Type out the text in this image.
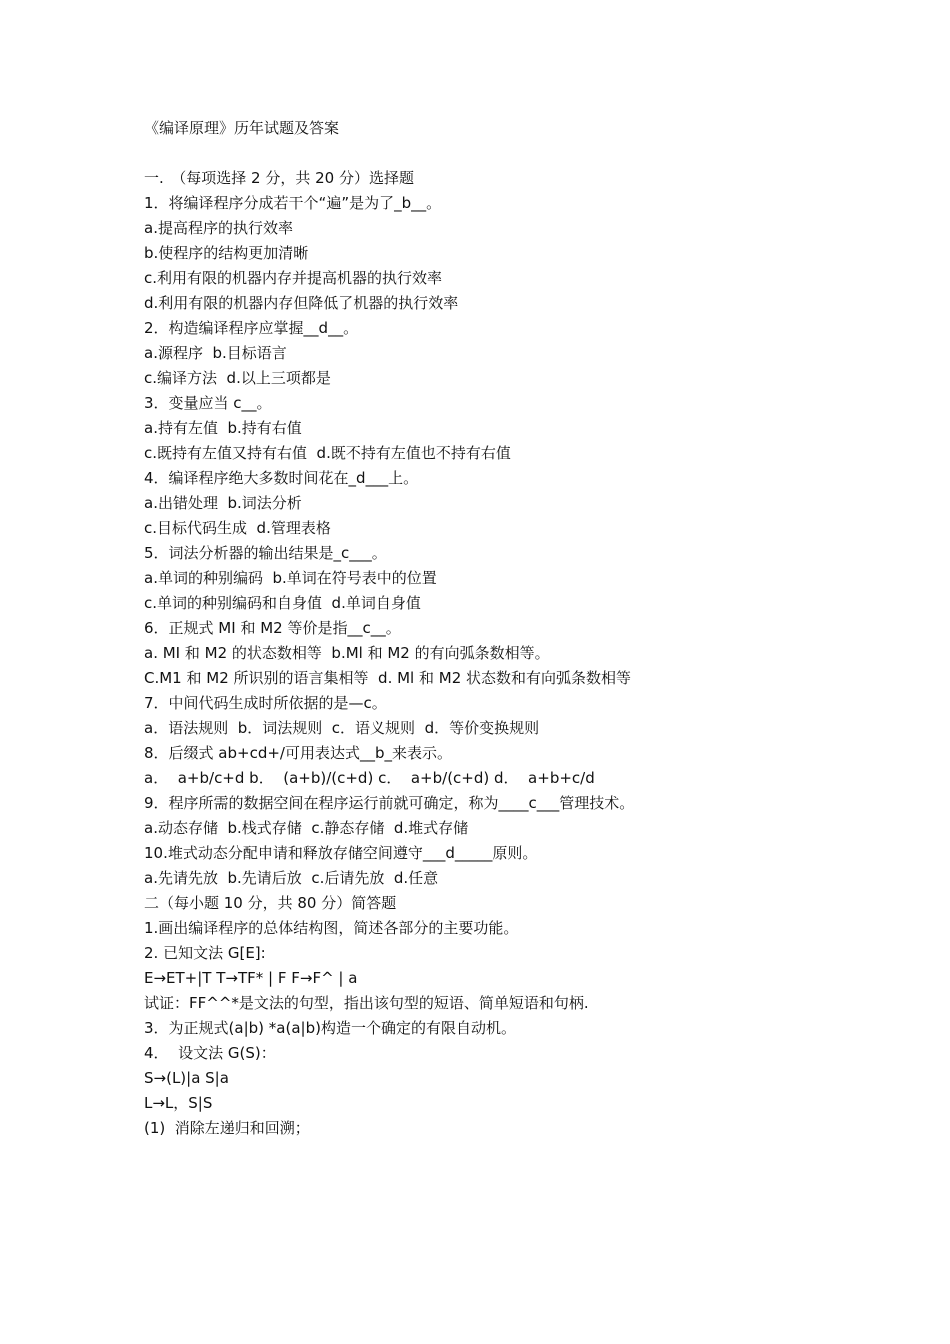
《编译原理》历年试题及答案
一.　（每项选择 2 分，共 20 分）选择题
1．将编译程序分成若干个“遍”是为了_b__。
a.提高程序的执行效率
b.使程序的结构更加清晰
c.利用有限的机器内存并提高机器的执行效率
d.利用有限的机器内存但降低了机器的执行效率
2．构造编译程序应掌握__d__。
a.源程序  b.目标语言
c.编译方法  d.以上三项都是
3．变量应当 c__。
a.持有左值  b.持有右值
c.既持有左值又持有右值  d.既不持有左值也不持有右值
4．编译程序绝大多数时间花在_d___上。
a.出错处理  b.词法分析
c.目标代码生成  d.管理表格
5．词法分析器的输出结果是_c___。
a.单词的种别编码  b.单词在符号表中的位置
c.单词的种别编码和自身值  d.单词自身值
6．正规式 MI 和 M2 等价是指__c__。
a. MI 和 M2 的状态数相等  b.Ml 和 M2 的有向弧条数相等。
C.M1 和 M2 所识别的语言集相等  d. Ml 和 M2 状态数和有向弧条数相等
7．中间代码生成时所依据的是—c。
a．语法规则  b．词法规则  c．语义规则  d．等价变换规则
8．后缀式 ab+cd+/可用表达式__b_来表示。
a．  a+b/c+d b．  (a+b)/(c+d) c．  a+b/(c+d) d．  a+b+c/d
9．程序所需的数据空间在程序运行前就可确定，称为____c___管理技术。
a.动态存储  b.栈式存储  c.静态存储  d.堆式存储
10.堆式动态分配申请和释放存储空间遵守___d_____原则。
a.先请先放  b.先请后放  c.后请先放  d.任意
二（每小题 10 分，共 80 分）简答题
1.画出编译程序的总体结构图，简述各部分的主要功能。
2. 已知文法 G[E]:
E→ET+|T T→TF* | F F→F^ | a
试证：FF^^*是文法的句型，指出该句型的短语、简单短语和句柄.
3．为正规式(a|b) *a(a|b)构造一个确定的有限自动机。
4．  设文法 G(S)：
S→(L)|a S|a
L→L，S|S
(1)  消除左递归和回溯；
